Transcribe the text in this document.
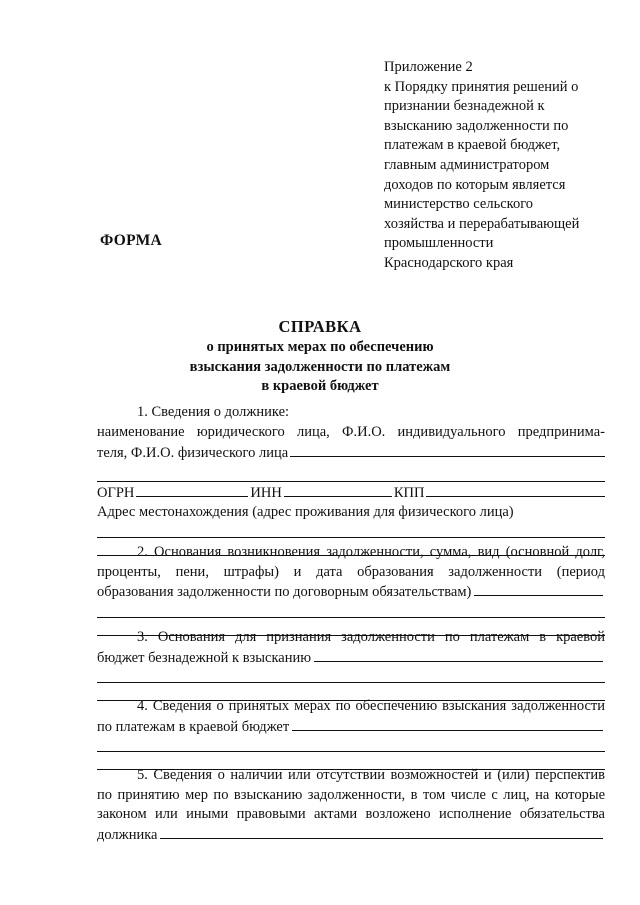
Приложение 2
к Порядку принятия решений о
признании безнадежной к
взысканию задолженности по
платежам в краевой бюджет,
главным администратором
доходов по которым является
министерство сельского
хозяйства и перерабатывающей
промышленности
Краснодарского края
ФОРМА
СПРАВКА
о принятых мерах по обеспечению
взыскания задолженности по платежам
в краевой бюджет
1. Сведения о должнике:
наименование юридического лица, Ф.И.О. индивидуального предпринима-
теля, Ф.И.О. физического лица
ОГРН	ИНН	КПП
Адрес местонахождения (адрес проживания для физического лица)
2. Основания возникновения задолженности, сумма, вид (основной долг, проценты, пени, штрафы) и дата образования задолженности (период образования задолженности по договорным обязательствам)
3. Основания для признания задолженности по платежам в краевой бюджет безнадежной к взысканию
4. Сведения о принятых мерах по обеспечению взыскания задолженности по платежам в краевой бюджет
5. Сведения о наличии или отсутствии возможностей и (или) перспектив по принятию мер по взысканию задолженности, в том числе с лиц, на которые законом или иными правовыми актами возложено исполнение обязательства должника
